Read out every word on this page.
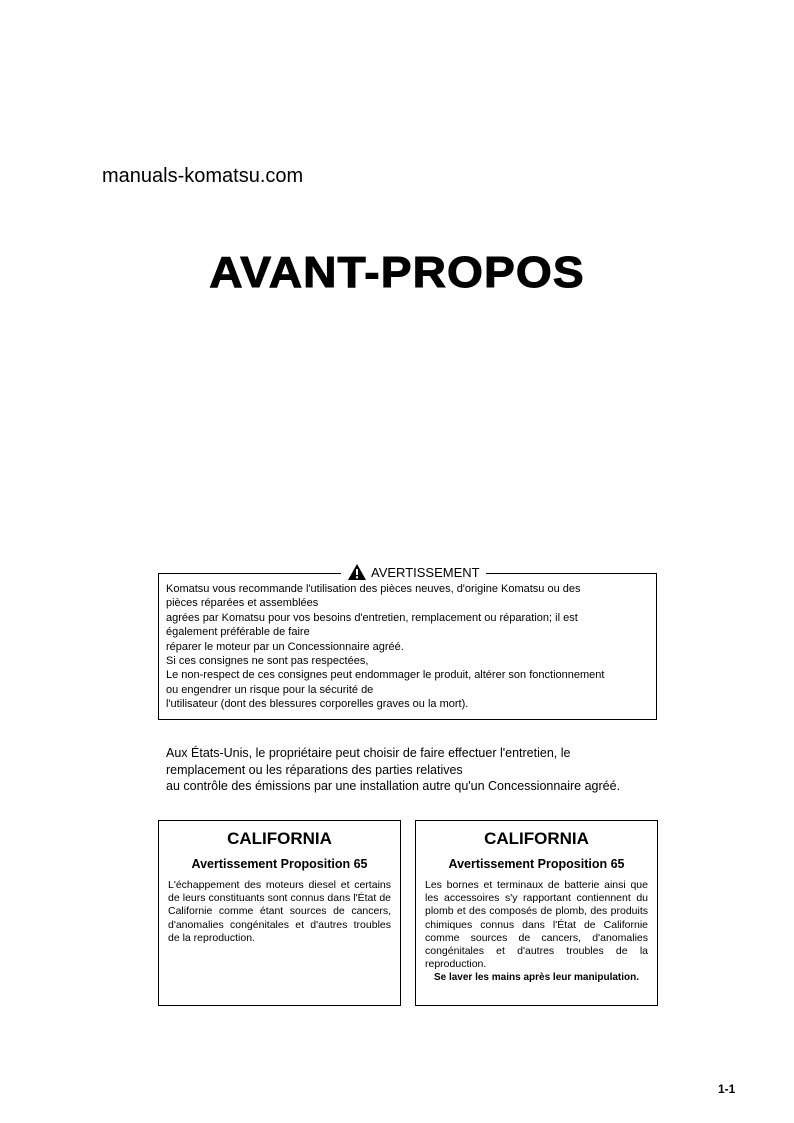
manuals-komatsu.com
AVANT-PROPOS
AVERTISSEMENT
Komatsu vous recommande l'utilisation des pièces neuves, d'origine Komatsu ou des
pièces réparées et assemblées
agrées par Komatsu pour vos besoins d'entretien, remplacement ou réparation; il est
également préférable de faire
réparer le moteur par un Concessionnaire agréé.
Si ces consignes ne sont pas respectées,
Le non-respect de ces consignes peut endommager le produit, altérer son fonctionnement
ou engendrer un risque pour la sécurité de
l'utilisateur (dont des blessures corporelles graves ou la mort).
Aux États-Unis, le propriétaire peut choisir de faire effectuer l'entretien, le
remplacement ou les réparations des parties relatives
au contrôle des émissions par une installation autre qu'un Concessionnaire agréé.
CALIFORNIA
Avertissement Proposition 65
L'échappement des moteurs diesel et certains de leurs constituants sont connus dans l'État de Californie comme étant sources de cancers, d'anomalies congénitales et d'autres troubles de la reproduction.
CALIFORNIA
Avertissement Proposition 65
Les bornes et terminaux de batterie ainsi que les accessoires s'y rapportant contiennent du plomb et des composés de plomb, des produits chimiques connus dans l'État de Californie comme sources de cancers, d'anomalies congénitales et d'autres troubles de la reproduction.
Se laver les mains après leur manipulation.
1-1
